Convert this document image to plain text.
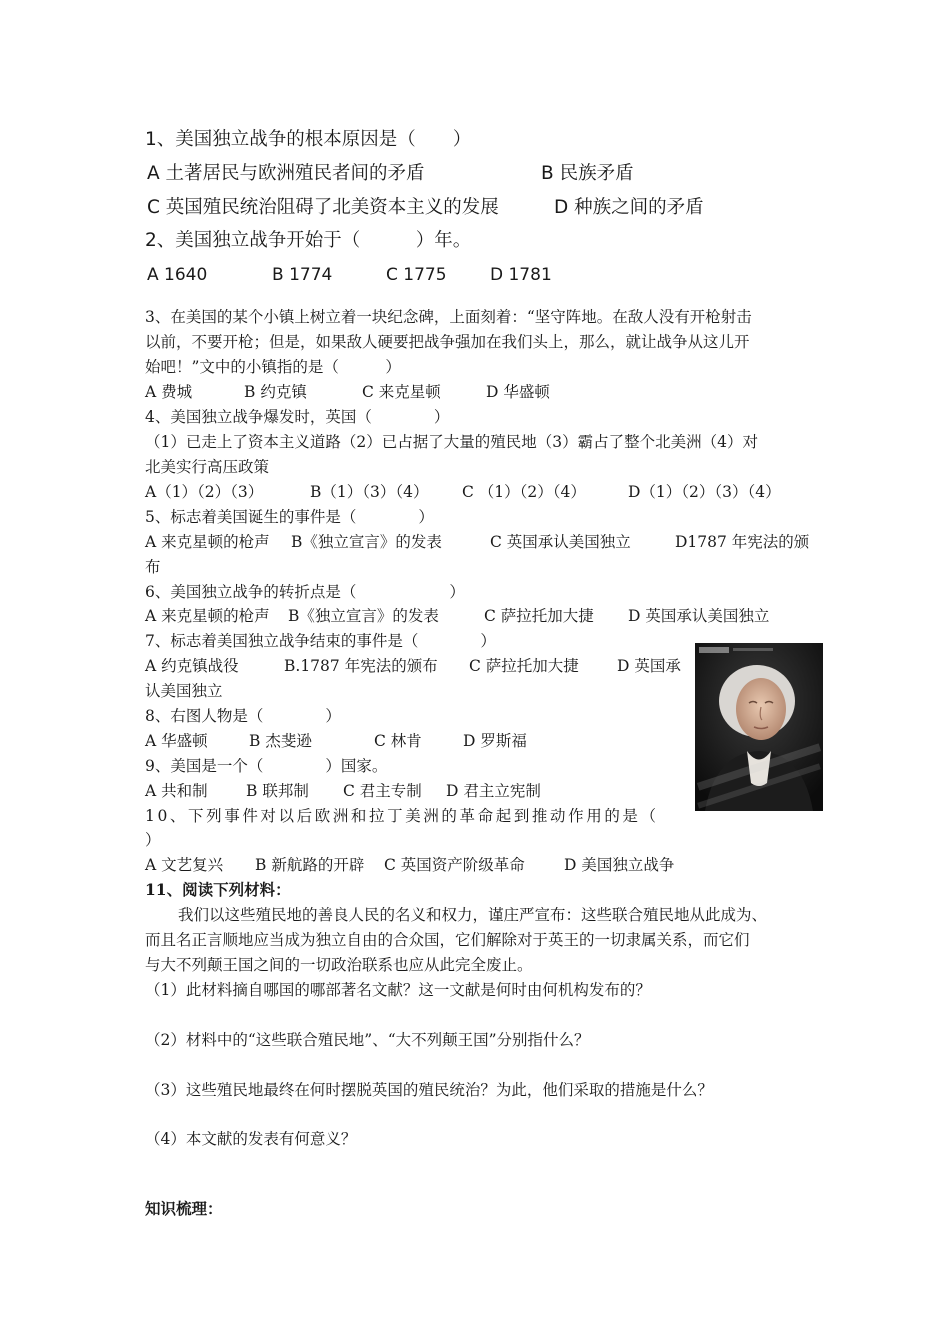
1、美国独立战争的根本原因是（　　）
A 土著居民与欧洲殖民者间的矛盾	B 民族矛盾
C 英国殖民统治阻碍了北美资本主义的发展	D 种族之间的矛盾
2、美国独立战争开始于（　　　）年。
A 1640	B 1774	C 1775	D 1781
3、在美国的某个小镇上树立着一块纪念碑，上面刻着：“坚守阵地。在敌人没有开枪射击
以前，不要开枪；但是，如果敌人硬要把战争强加在我们头上，那么，就让战争从这儿开
始吧！”文中的小镇指的是（　　　）
A 费城	B 约克镇	C 来克星顿	D 华盛顿
4、美国独立战争爆发时，英国（　　　　）
（1）已走上了资本主义道路（2）已占据了大量的殖民地（3）霸占了整个北美洲（4）对
北美实行高压政策
A（1）（2）（3）	B（1）（3）（4） C （1）（2）（4）	D（1）（2）（3）（4）
5、标志着美国诞生的事件是（　　　　）
A 来克星顿的枪声 B《独立宣言》的发表	C 英国承认美国独立	D1787 年宪法的颁
布
6、美国独立战争的转折点是（　　　　　　）
A 来克星顿的枪声 B《独立宣言》的发表	C 萨拉托加大捷 D 英国承认美国独立
7、标志着美国独立战争结束的事件是（　　　　）
A 约克镇战役	B.1787 年宪法的颁布 C 萨拉托加大捷 D 英国承
认美国独立
8、右图人物是（　　　　）
A 华盛顿	B 杰斐逊	C 林肯	D 罗斯福
9、美国是一个（　　　　）国家。
A 共和制 B 联邦制 C 君主专制 D 君主立宪制
10、下列事件对以后欧洲和拉丁美洲的革命起到推动作用的是（
）
A 文艺复兴 B 新航路的开辟 C 英国资产阶级革命	D 美国独立战争
11、阅读下列材料：
我们以这些殖民地的善良人民的名义和权力，谨庄严宣布：这些联合殖民地从此成为、
而且名正言顺地应当成为独立自由的合众国，它们解除对于英王的一切隶属关系，而它们
与大不列颠王国之间的一切政治联系也应从此完全废止。
（1）此材料摘自哪国的哪部著名文献？这一文献是何时由何机构发布的？
（2）材料中的“这些联合殖民地”、“大不列颠王国”分别指什么？
（3）这些殖民地最终在何时摆脱英国的殖民统治？为此，他们采取的措施是什么？
（4）本文献的发表有何意义？
知识梳理：
